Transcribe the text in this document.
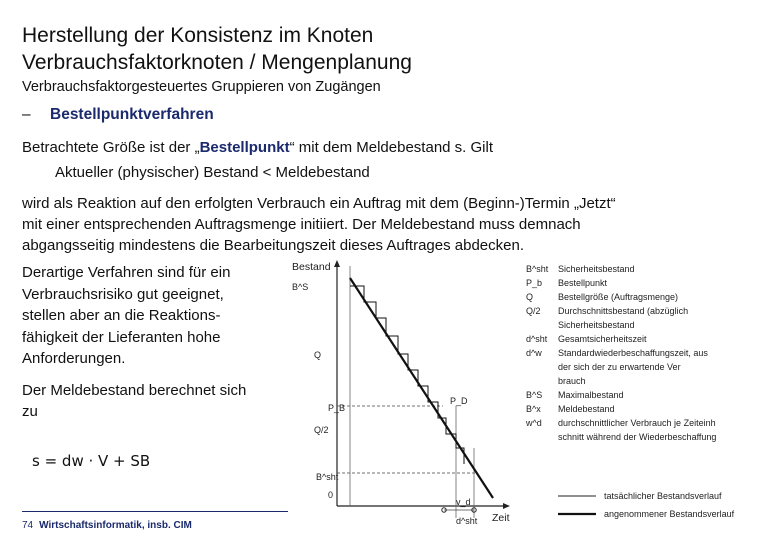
Herstellung der Konsistenz im Knoten
Verbrauchsfaktorknoten / Mengenplanung
Verbrauchsfaktorgesteuertes Gruppieren von Zugängen
– Bestellpunktverfahren
Betrachtete Größe ist der „Bestellpunkt“ mit dem Meldebestand s. Gilt
Aktueller (physischer) Bestand < Meldebestand
wird als Reaktion auf den erfolgten Verbrauch ein Auftrag mit dem (Beginn-)Termin „Jetzt“
mit einer entsprechenden Auftragsmenge initiiert. Der Meldebestand muss demnach
abgangsseitig mindestens die Bearbeitungszeit dieses Auftrages abdecken.
Derartige Verfahren sind für ein
Verbrauchsrisiko gut geeignet,
stellen aber an die Reaktions-
fähigkeit der Lieferanten hohe
Anforderungen.
Der Meldebestand berechnet sich
zu
s = dw · V + SB
74 Wirtschaftsinformatik, insb. CIM
Bestand
Zeit
B^S
Q
P_B
Q/2
B^sht
0
v_d
d^sht
P_D
B^sht Sicherheitsbestand
P_b Bestellpunkt
Q	Bestellgröße (Auftragsmenge)
Q/2 Durchschnittsbestand (abzüglich
Sicherheitsbestand
d^sht Gesamtsicherheitszeit
d^w Standardwiederbeschaffungszeit, aus
der sich der zu erwartende Ver
brauch
B^S Maximalbestand
B^x Meldebestand
w^d durchschnittlicher Verbrauch je Zeiteinh
schnitt während der Wiederbeschaffung
tatsächlicher Bestandsverlauf
angenommener Bestandsverlauf
